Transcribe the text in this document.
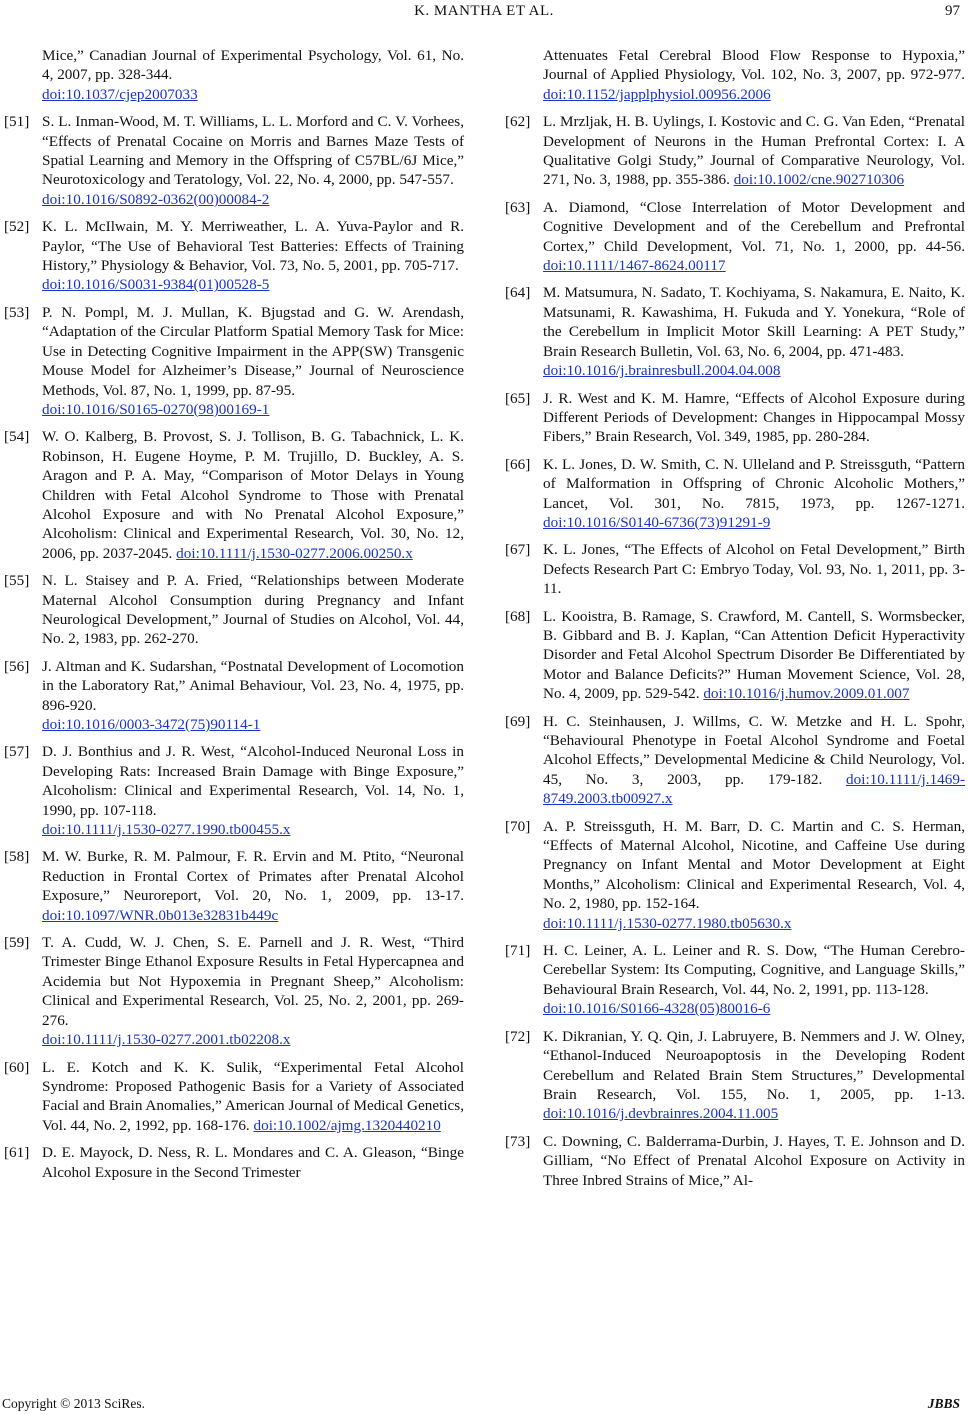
K. MANTHA ET AL.	97
Mice,” Canadian Journal of Experimental Psychology, Vol. 61, No. 4, 2007, pp. 328-344.
doi:10.1037/cjep2007033
[51] S. L. Inman-Wood, M. T. Williams, L. L. Morford and C. V. Vorhees, “Effects of Prenatal Cocaine on Morris and Barnes Maze Tests of Spatial Learning and Memory in the Offspring of C57BL/6J Mice,” Neurotoxicology and Teratology, Vol. 22, No. 4, 2000, pp. 547-557.
doi:10.1016/S0892-0362(00)00084-2
[52] K. L. McIlwain, M. Y. Merriweather, L. A. Yuva-Paylor and R. Paylor, “The Use of Behavioral Test Batteries: Effects of Training History,” Physiology & Behavior, Vol. 73, No. 5, 2001, pp. 705-717.
doi:10.1016/S0031-9384(01)00528-5
[53] P. N. Pompl, M. J. Mullan, K. Bjugstad and G. W. Arendash, “Adaptation of the Circular Platform Spatial Memory Task for Mice: Use in Detecting Cognitive Impairment in the APP(SW) Transgenic Mouse Model for Alzheimer’s Disease,” Journal of Neuroscience Methods, Vol. 87, No. 1, 1999, pp. 87-95.
doi:10.1016/S0165-0270(98)00169-1
[54] W. O. Kalberg, B. Provost, S. J. Tollison, B. G. Tabachnick, L. K. Robinson, H. Eugene Hoyme, P. M. Trujillo, D. Buckley, A. S. Aragon and P. A. May, “Comparison of Motor Delays in Young Children with Fetal Alcohol Syndrome to Those with Prenatal Alcohol Exposure and with No Prenatal Alcohol Exposure,” Alcoholism: Clinical and Experimental Research, Vol. 30, No. 12, 2006, pp. 2037-2045. doi:10.1111/j.1530-0277.2006.00250.x
[55] N. L. Staisey and P. A. Fried, “Relationships between Moderate Maternal Alcohol Consumption during Pregnancy and Infant Neurological Development,” Journal of Studies on Alcohol, Vol. 44, No. 2, 1983, pp. 262-270.
[56] J. Altman and K. Sudarshan, “Postnatal Development of Locomotion in the Laboratory Rat,” Animal Behaviour, Vol. 23, No. 4, 1975, pp. 896-920.
doi:10.1016/0003-3472(75)90114-1
[57] D. J. Bonthius and J. R. West, “Alcohol-Induced Neuronal Loss in Developing Rats: Increased Brain Damage with Binge Exposure,” Alcoholism: Clinical and Experimental Research, Vol. 14, No. 1, 1990, pp. 107-118.
doi:10.1111/j.1530-0277.1990.tb00455.x
[58] M. W. Burke, R. M. Palmour, F. R. Ervin and M. Ptito, “Neuronal Reduction in Frontal Cortex of Primates after Prenatal Alcohol Exposure,” Neuroreport, Vol. 20, No. 1, 2009, pp. 13-17. doi:10.1097/WNR.0b013e32831b449c
[59] T. A. Cudd, W. J. Chen, S. E. Parnell and J. R. West, “Third Trimester Binge Ethanol Exposure Results in Fetal Hypercapnea and Acidemia but Not Hypoxemia in Pregnant Sheep,” Alcoholism: Clinical and Experimental Research, Vol. 25, No. 2, 2001, pp. 269-276.
doi:10.1111/j.1530-0277.2001.tb02208.x
[60] L. E. Kotch and K. K. Sulik, “Experimental Fetal Alcohol Syndrome: Proposed Pathogenic Basis for a Variety of Associated Facial and Brain Anomalies,” American Journal of Medical Genetics, Vol. 44, No. 2, 1992, pp. 168-176. doi:10.1002/ajmg.1320440210
[61] D. E. Mayock, D. Ness, R. L. Mondares and C. A. Gleason, “Binge Alcohol Exposure in the Second Trimester
Attenuates Fetal Cerebral Blood Flow Response to Hypoxia,” Journal of Applied Physiology, Vol. 102, No. 3, 2007, pp. 972-977. doi:10.1152/japplphysiol.00956.2006
[62] L. Mrzljak, H. B. Uylings, I. Kostovic and C. G. Van Eden, “Prenatal Development of Neurons in the Human Prefrontal Cortex: I. A Qualitative Golgi Study,” Journal of Comparative Neurology, Vol. 271, No. 3, 1988, pp. 355-386. doi:10.1002/cne.902710306
[63] A. Diamond, “Close Interrelation of Motor Development and Cognitive Development and of the Cerebellum and Prefrontal Cortex,” Child Development, Vol. 71, No. 1, 2000, pp. 44-56. doi:10.1111/1467-8624.00117
[64] M. Matsumura, N. Sadato, T. Kochiyama, S. Nakamura, E. Naito, K. Matsunami, R. Kawashima, H. Fukuda and Y. Yonekura, “Role of the Cerebellum in Implicit Motor Skill Learning: A PET Study,” Brain Research Bulletin, Vol. 63, No. 6, 2004, pp. 471-483.
doi:10.1016/j.brainresbull.2004.04.008
[65] J. R. West and K. M. Hamre, “Effects of Alcohol Exposure during Different Periods of Development: Changes in Hippocampal Mossy Fibers,” Brain Research, Vol. 349, 1985, pp. 280-284.
[66] K. L. Jones, D. W. Smith, C. N. Ulleland and P. Streissguth, “Pattern of Malformation in Offspring of Chronic Alcoholic Mothers,” Lancet, Vol. 301, No. 7815, 1973, pp. 1267-1271. doi:10.1016/S0140-6736(73)91291-9
[67] K. L. Jones, “The Effects of Alcohol on Fetal Development,” Birth Defects Research Part C: Embryo Today, Vol. 93, No. 1, 2011, pp. 3-11.
[68] L. Kooistra, B. Ramage, S. Crawford, M. Cantell, S. Wormsbecker, B. Gibbard and B. J. Kaplan, “Can Attention Deficit Hyperactivity Disorder and Fetal Alcohol Spectrum Disorder Be Differentiated by Motor and Balance Deficits?” Human Movement Science, Vol. 28, No. 4, 2009, pp. 529-542. doi:10.1016/j.humov.2009.01.007
[69] H. C. Steinhausen, J. Willms, C. W. Metzke and H. L. Spohr, “Behavioural Phenotype in Foetal Alcohol Syndrome and Foetal Alcohol Effects,” Developmental Medicine & Child Neurology, Vol. 45, No. 3, 2003, pp. 179-182. doi:10.1111/j.1469-8749.2003.tb00927.x
[70] A. P. Streissguth, H. M. Barr, D. C. Martin and C. S. Herman, “Effects of Maternal Alcohol, Nicotine, and Caffeine Use during Pregnancy on Infant Mental and Motor Development at Eight Months,” Alcoholism: Clinical and Experimental Research, Vol. 4, No. 2, 1980, pp. 152-164.
doi:10.1111/j.1530-0277.1980.tb05630.x
[71] H. C. Leiner, A. L. Leiner and R. S. Dow, “The Human Cerebro-Cerebellar System: Its Computing, Cognitive, and Language Skills,” Behavioural Brain Research, Vol. 44, No. 2, 1991, pp. 113-128.
doi:10.1016/S0166-4328(05)80016-6
[72] K. Dikranian, Y. Q. Qin, J. Labruyere, B. Nemmers and J. W. Olney, “Ethanol-Induced Neuroapoptosis in the Developing Rodent Cerebellum and Related Brain Stem Structures,” Developmental Brain Research, Vol. 155, No. 1, 2005, pp. 1-13. doi:10.1016/j.devbrainres.2004.11.005
[73] C. Downing, C. Balderrama-Durbin, J. Hayes, T. E. Johnson and D. Gilliam, “No Effect of Prenatal Alcohol Exposure on Activity in Three Inbred Strains of Mice,” Al-
Copyright © 2013 SciRes.	JBBS
